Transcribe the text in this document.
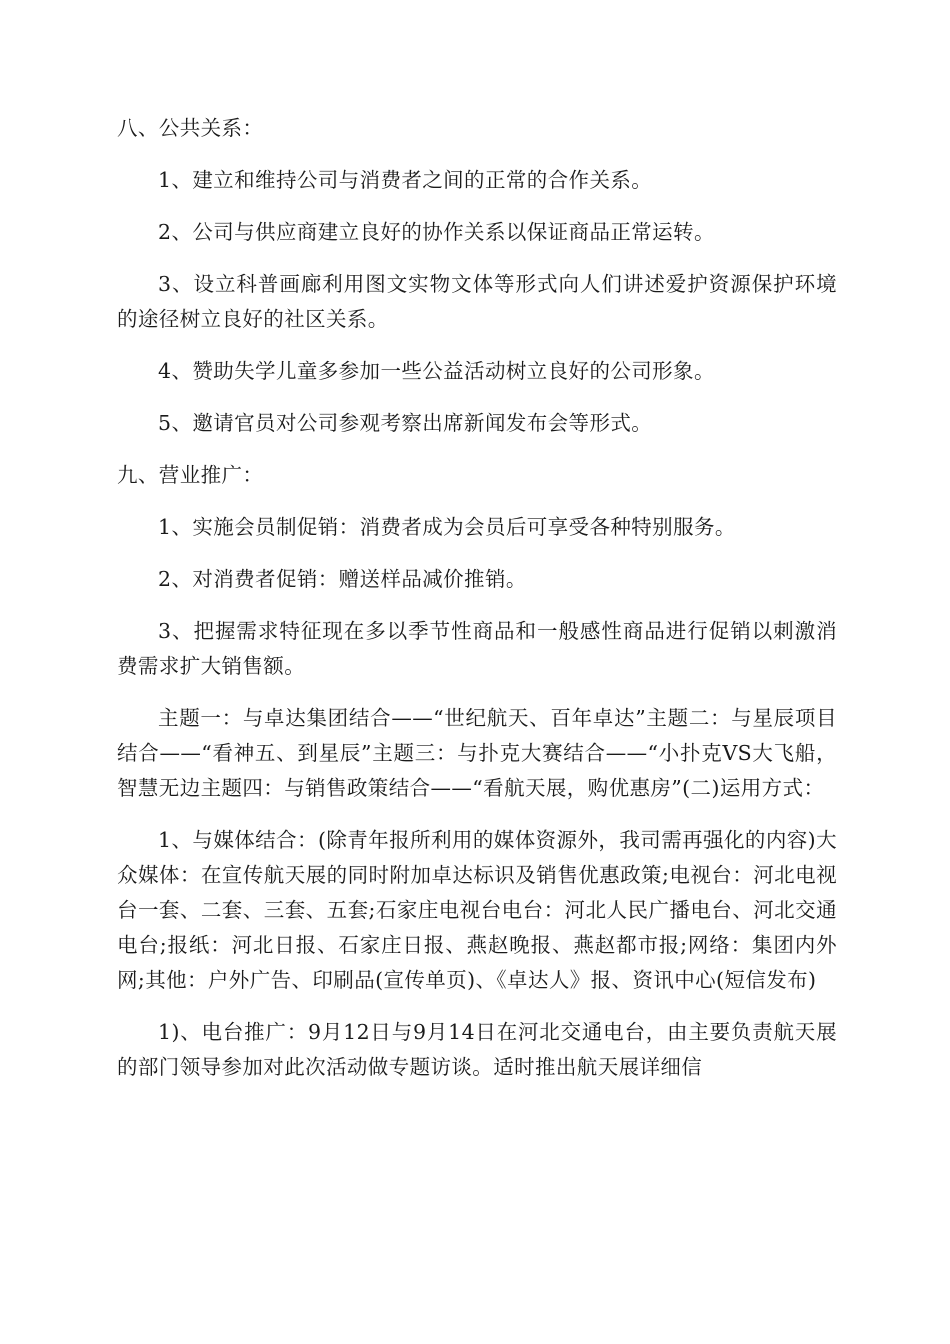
八、公共关系：

1、建立和维持公司与消费者之间的正常的合作关系。

2、公司与供应商建立良好的协作关系以保证商品正常运转。

3、设立科普画廊利用图文实物文体等形式向人们讲述爱护资源保护环境的途径树立良好的社区关系。

4、赞助失学儿童多参加一些公益活动树立良好的公司形象。

5、邀请官员对公司参观考察出席新闻发布会等形式。

九、营业推广：

1、实施会员制促销：消费者成为会员后可享受各种特别服务。

2、对消费者促销：赠送样品减价推销。

3、把握需求特征现在多以季节性商品和一般感性商品进行促销以刺激消费需求扩大销售额。

主题一：与卓达集团结合——“世纪航天、百年卓达”主题二：与星辰项目结合——“看神五、到星辰”主题三：与扑克大赛结合——“小扑克VS大飞船，智慧无边主题四：与销售政策结合——“看航天展，购优惠房”(二)运用方式：

1、与媒体结合：(除青年报所利用的媒体资源外，我司需再强化的内容)大众媒体：在宣传航天展的同时附加卓达标识及销售优惠政策;电视台：河北电视台一套、二套、三套、五套;石家庄电视台电台：河北人民广播电台、河北交通电台;报纸：河北日报、石家庄日报、燕赵晚报、燕赵都市报;网络：集团内外网;其他：户外广告、印刷品(宣传单页)、《卓达人》报、资讯中心(短信发布)

1)、电台推广：9月12日与9月14日在河北交通电台，由主要负责航天展的部门领导参加对此次活动做专题访谈。适时推出航天展详细信
